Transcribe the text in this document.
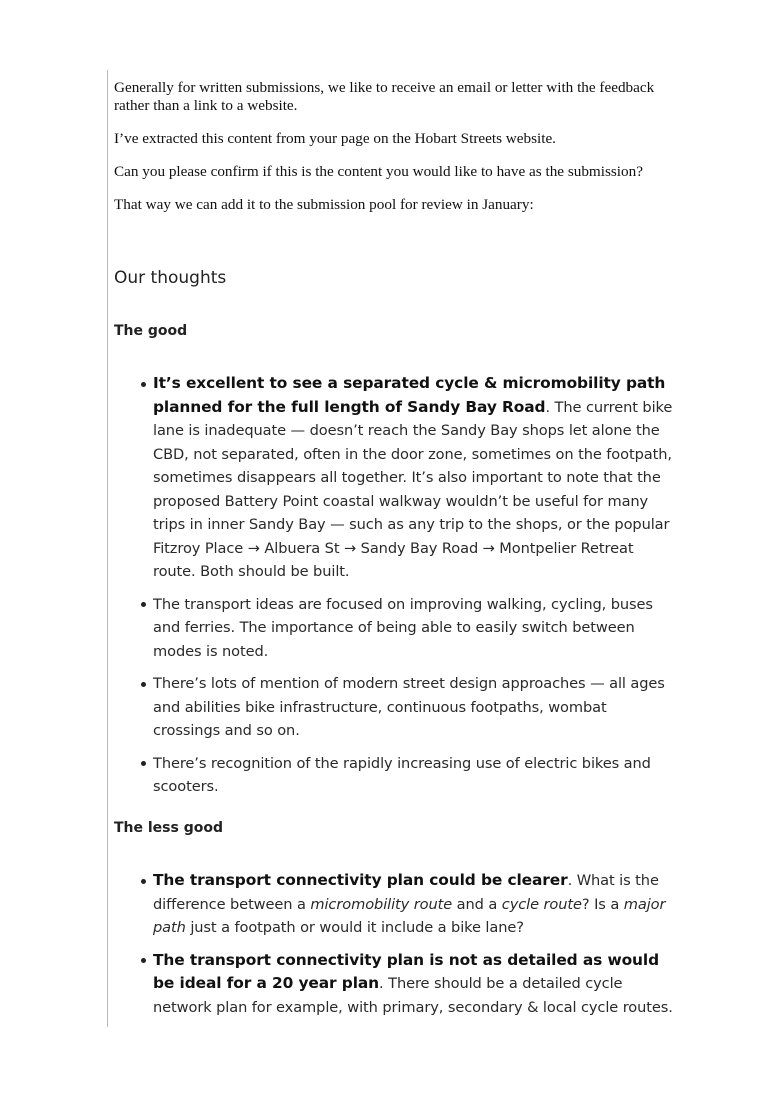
Generally for written submissions, we like to receive an email or letter with the feedback rather than a link to a website.

I’ve extracted this content from your page on the Hobart Streets website.

Can you please confirm if this is the content you would like to have as the submission?

That way we can add it to the submission pool for review in January:

Our thoughts
The good
It’s excellent to see a separated cycle & micromobility path planned for the full length of Sandy Bay Road. The current bike lane is inadequate — doesn’t reach the Sandy Bay shops let alone the CBD, not separated, often in the door zone, sometimes on the footpath, sometimes disappears all together. It’s also important to note that the proposed Battery Point coastal walkway wouldn’t be useful for many trips in inner Sandy Bay — such as any trip to the shops, or the popular Fitzroy Place → Albuera St → Sandy Bay Road → Montpelier Retreat route. Both should be built.
The transport ideas are focused on improving walking, cycling, buses and ferries. The importance of being able to easily switch between modes is noted.
There’s lots of mention of modern street design approaches — all ages and abilities bike infrastructure, continuous footpaths, wombat crossings and so on.
There’s recognition of the rapidly increasing use of electric bikes and scooters.
The less good
The transport connectivity plan could be clearer. What is the difference between a micromobility route and a cycle route? Is a major path just a footpath or would it include a bike lane?
The transport connectivity plan is not as detailed as would be ideal for a 20 year plan. There should be a detailed cycle network plan for example, with primary, secondary & local cycle routes.
